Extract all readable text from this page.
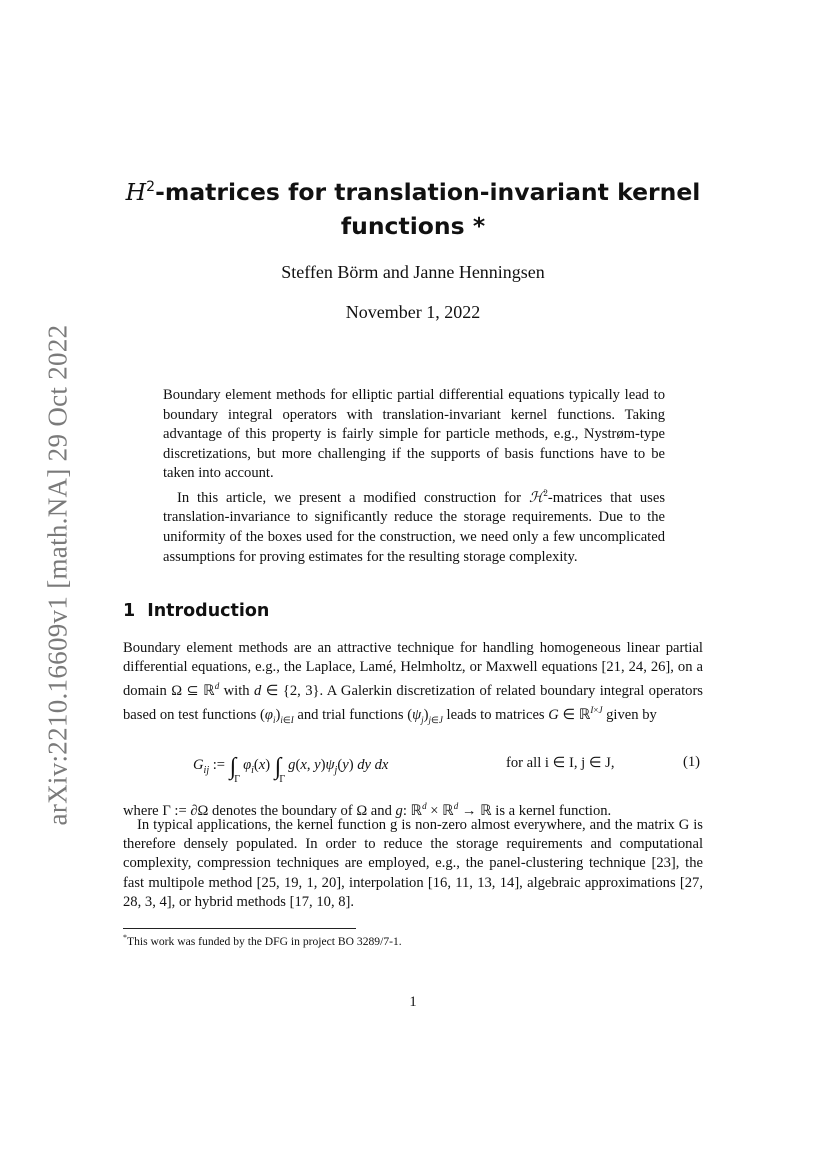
arXiv:2210.16609v1 [math.NA] 29 Oct 2022
$H^2$-matrices for translation-invariant kernel
functions *
Steffen Börm and Janne Henningsen
November 1, 2022

Boundary element methods for elliptic partial differential equations typically lead to boundary integral operators with translation-invariant kernel functions. Taking advantage of this property is fairly simple for particle methods, e.g., Nystrøm-type discretizations, but more challenging if the supports of basis functions have to be taken into account.

In this article, we present a modified construction for ℋ$^2$-matrices that uses translation-invariance to significantly reduce the storage requirements. Due to the uniformity of the boxes used for the construction, we need only a few uncomplicated assumptions for proving estimates for the resulting storage complexity.

1 Introduction

Boundary element methods are an attractive technique for handling homogeneous linear partial differential equations, e.g., the Laplace, Lamé, Helmholtz, or Maxwell equations [21, 24, 26], on a domain Ω ⊆ ℝ$^d$ with d ∈ {2, 3}. A Galerkin discretization of related boundary integral operators based on test functions $(\varphi_i)_{i\in I}$ and trial functions $(\psi_j)_{j\in J}$ leads to matrices G ∈ ℝ$^{I\times J}$ given by

$G_{ij}$ := $\int_\Gamma\varphi_i(x)$ $\int_\Gamma g(x$, $y)\psi_j(y)$ dy dx	for all i ∈ I, j ∈ J,	(1)

where Γ := ∂Ω denotes the boundary of Ω and g: ℝ$^d$ × ℝ$^d$ → ℝ is a kernel function.

In typical applications, the kernel function g is non-zero almost everywhere, and the matrix G is therefore densely populated. In order to reduce the storage requirements and computational complexity, compression techniques are employed, e.g., the panel-clustering technique [23], the fast multipole method [25, 19, 1, 20], interpolation [16, 11, 13, 14], algebraic approximations [27, 28, 3, 4], or hybrid methods [17, 10, 8].

*This work was funded by the DFG in project BO 3289/7-1.
1
